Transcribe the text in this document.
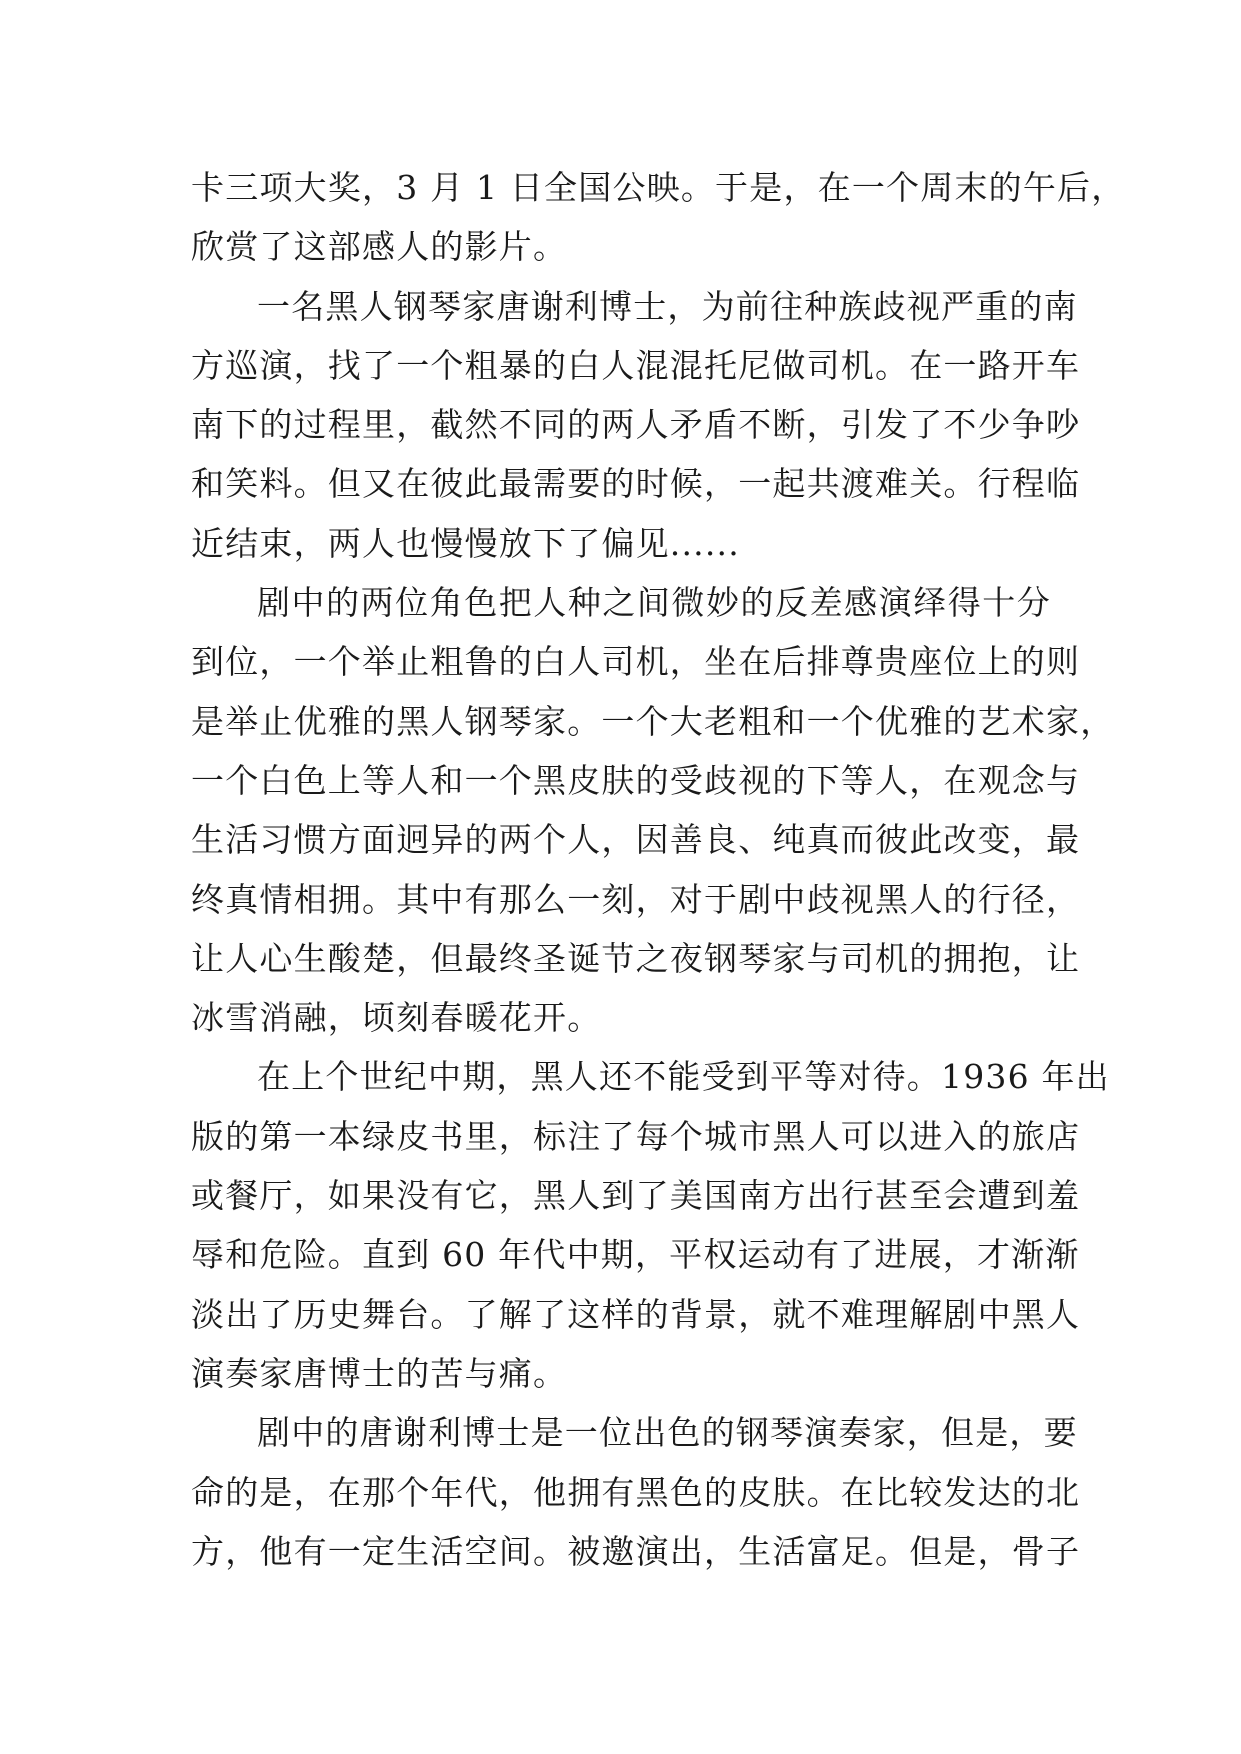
卡三项大奖，3 月 1 日全国公映。于是，在一个周末的午后，
欣赏了这部感人的影片。
一名黑人钢琴家唐谢利博士，为前往种族歧视严重的南
方巡演，找了一个粗暴的白人混混托尼做司机。在一路开车
南下的过程里，截然不同的两人矛盾不断，引发了不少争吵
和笑料。但又在彼此最需要的时候，一起共渡难关。行程临
近结束，两人也慢慢放下了偏见......
剧中的两位角色把人种之间微妙的反差感演绎得十分
到位，一个举止粗鲁的白人司机，坐在后排尊贵座位上的则
是举止优雅的黑人钢琴家。一个大老粗和一个优雅的艺术家，
一个白色上等人和一个黑皮肤的受歧视的下等人，在观念与
生活习惯方面迥异的两个人，因善良、纯真而彼此改变，最
终真情相拥。其中有那么一刻，对于剧中歧视黑人的行径，
让人心生酸楚，但最终圣诞节之夜钢琴家与司机的拥抱，让
冰雪消融，顷刻春暖花开。
在上个世纪中期，黑人还不能受到平等对待。1936 年出
版的第一本绿皮书里，标注了每个城市黑人可以进入的旅店
或餐厅，如果没有它，黑人到了美国南方出行甚至会遭到羞
辱和危险。直到 60 年代中期，平权运动有了进展，才渐渐
淡出了历史舞台。了解了这样的背景，就不难理解剧中黑人
演奏家唐博士的苦与痛。
剧中的唐谢利博士是一位出色的钢琴演奏家，但是，要
命的是，在那个年代，他拥有黑色的皮肤。在比较发达的北
方，他有一定生活空间。被邀演出，生活富足。但是，骨子
